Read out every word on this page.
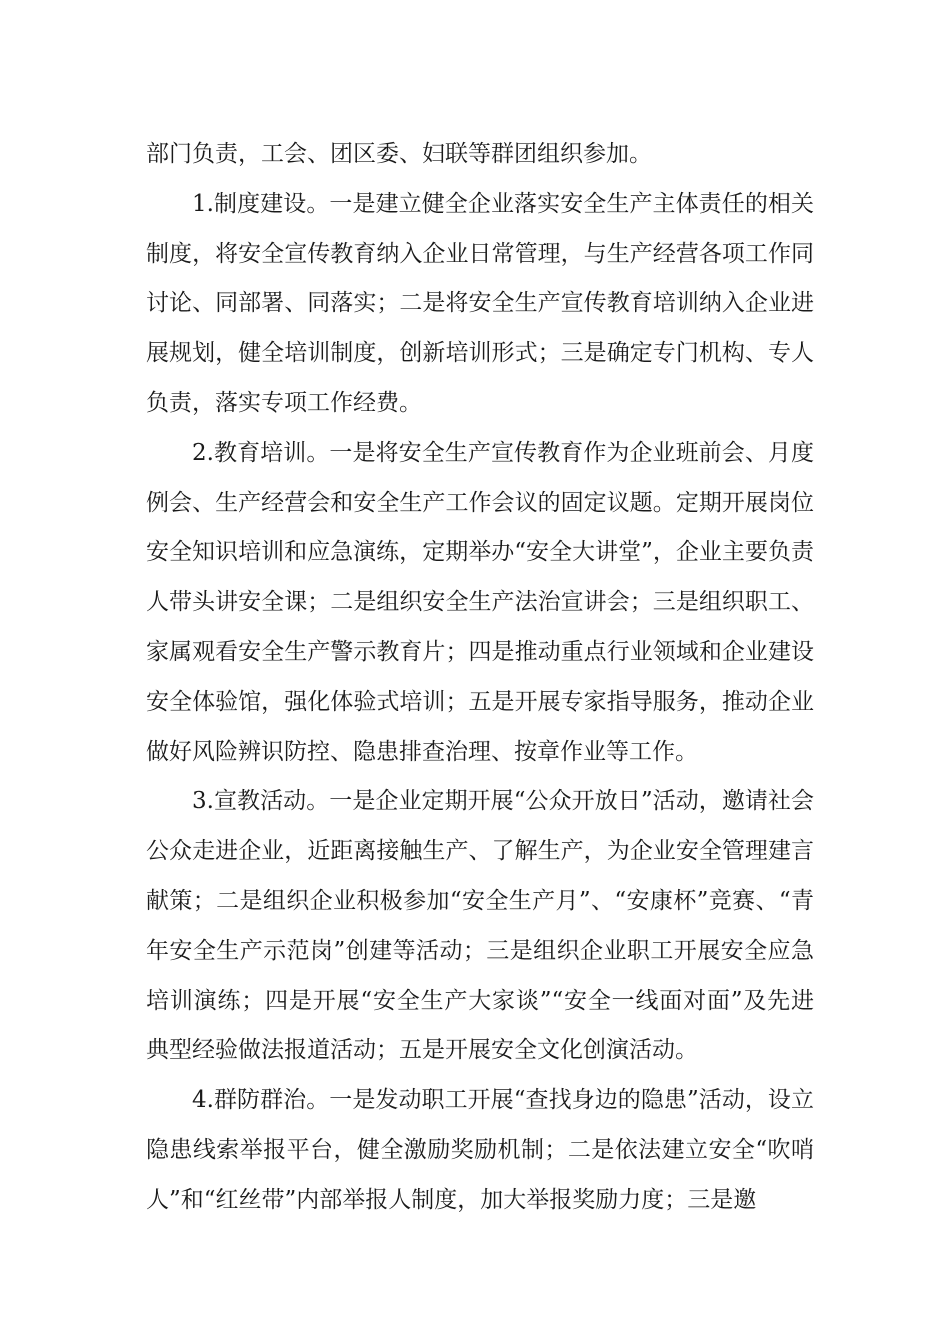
部门负责，工会、团区委、妇联等群团组织参加。

1.制度建设。一是建立健全企业落实安全生产主体责任的相关制度，将安全宣传教育纳入企业日常管理，与生产经营各项工作同讨论、同部署、同落实；二是将安全生产宣传教育培训纳入企业进展规划，健全培训制度，创新培训形式；三是确定专门机构、专人负责，落实专项工作经费。

2.教育培训。一是将安全生产宣传教育作为企业班前会、月度例会、生产经营会和安全生产工作会议的固定议题。定期开展岗位安全知识培训和应急演练，定期举办“安全大讲堂”，企业主要负责人带头讲安全课；二是组织安全生产法治宣讲会；三是组织职工、家属观看安全生产警示教育片；四是推动重点行业领域和企业建设安全体验馆，强化体验式培训；五是开展专家指导服务，推动企业做好风险辨识防控、隐患排查治理、按章作业等工作。

3.宣教活动。一是企业定期开展“公众开放日”活动，邀请社会公众走进企业，近距离接触生产、了解生产，为企业安全管理建言献策；二是组织企业积极参加“安全生产月”、“安康杯”竞赛、“青年安全生产示范岗”创建等活动；三是组织企业职工开展安全应急培训演练；四是开展“安全生产大家谈”“安全一线面对面”及先进典型经验做法报道活动；五是开展安全文化创演活动。

4.群防群治。一是发动职工开展“查找身边的隐患”活动，设立隐患线索举报平台，健全激励奖励机制；二是依法建立安全“吹哨人”和“红丝带”内部举报人制度，加大举报奖励力度；三是邀
